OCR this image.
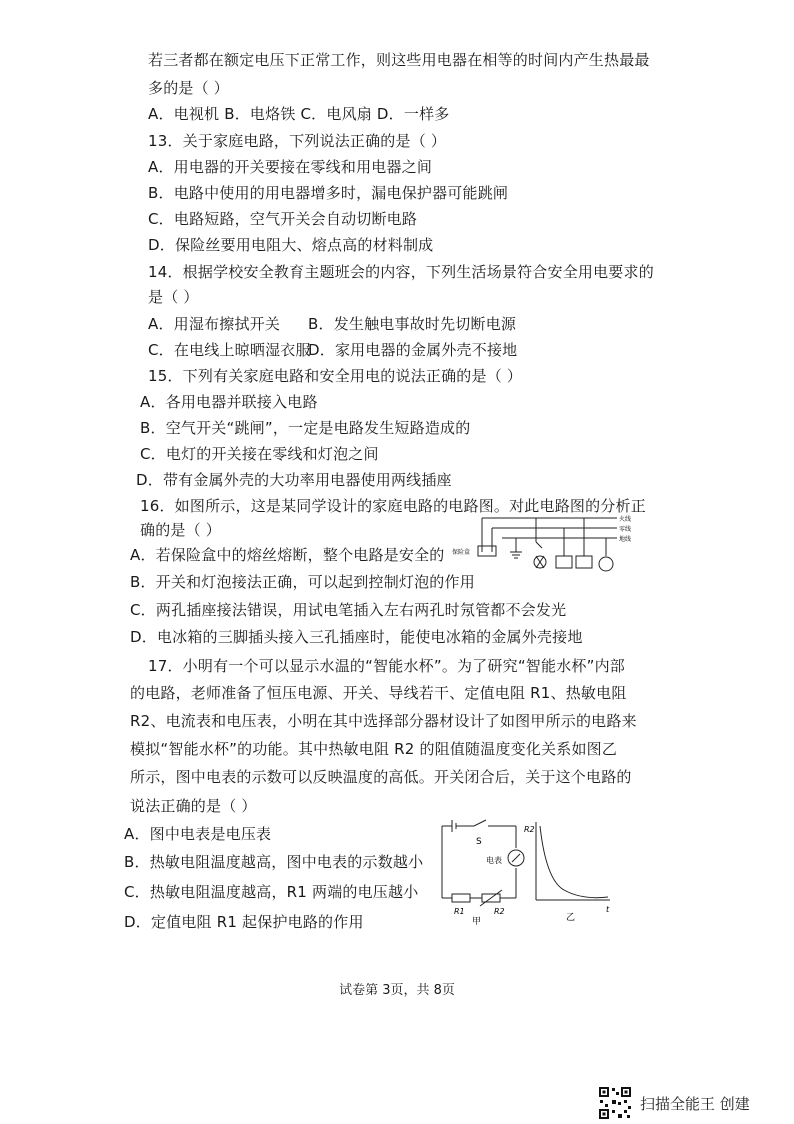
若三者都在额定电压下正常工作，则这些用电器在相等的时间内产生热最最
多的是（ ）
A．电视机 B．电烙铁 C．电风扇 D．一样多
13．关于家庭电路，下列说法正确的是（ ）
A．用电器的开关要接在零线和用电器之间
B．电路中使用的用电器增多时，漏电保护器可能跳闸
C．电路短路，空气开关会自动切断电路
D．保险丝要用电阻大、熔点高的材料制成
14．根据学校安全教育主题班会的内容，下列生活场景符合安全用电要求的
是（ ）
A．用湿布擦拭开关 B．发生触电事故时先切断电源
C．在电线上晾晒湿衣服
D．家用电器的金属外壳不接地
15．下列有关家庭电路和安全用电的说法正确的是（ ）
A．各用电器并联接入电路
B．空气开关“跳闸”，一定是电路发生短路造成的
C．电灯的开关接在零线和灯泡之间
D．带有金属外壳的大功率用电器使用两线插座
16．如图所示，这是某同学设计的家庭电路的电路图。对此电路图的分析正
确的是（ ）
A．若保险盒中的熔丝熔断，整个电路是安全的
B．开关和灯泡接法正确，可以起到控制灯泡的作用
C．两孔插座接法错误，用试电笔插入左右两孔时氖管都不会发光
D．电冰箱的三脚插头接入三孔插座时，能使电冰箱的金属外壳接地
火线
零线
地线
保险盒
17．小明有一个可以显示水温的“智能水杯”。为了研究“智能水杯”内部
的电路，老师准备了恒压电源、开关、导线若干、定值电阻 R1、热敏电阻
R2、电流表和电压表，小明在其中选择部分器材设计了如图甲所示的电路来
模拟“智能水杯”的功能。其中热敏电阻 R2 的阻值随温度变化关系如图乙
所示，图中电表的示数可以反映温度的高低。开关闭合后，关于这个电路的
说法正确的是（ ）
A．图中电表是电压表
B．热敏电阻温度越高，图中电表的示数越小
C．热敏电阻温度越高，R1 两端的电压越小
D．定值电阻 R1 起保护电路的作用
S
电表
R1	R2
甲
R2
t
乙
试卷第 3页，共 8页
扫描全能王 创建
